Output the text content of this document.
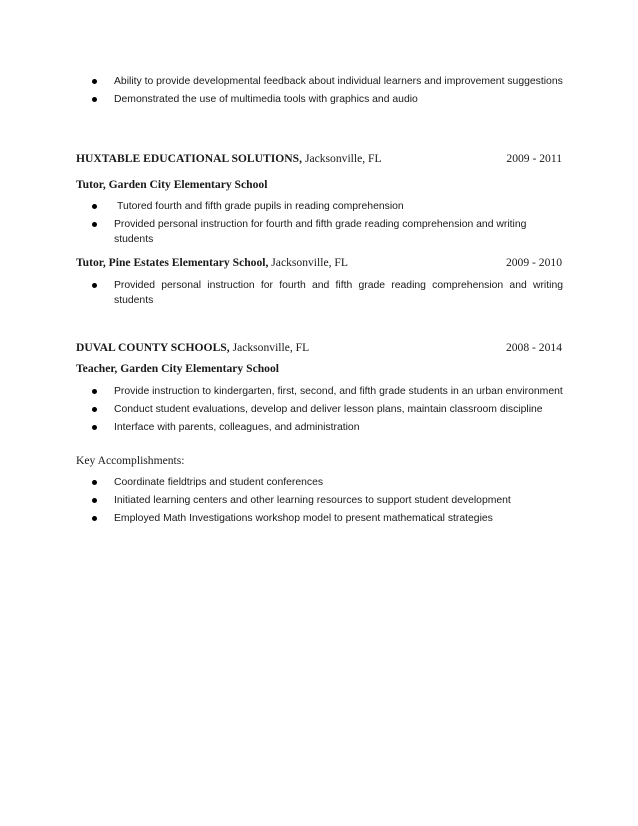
Ability to provide developmental feedback about individual learners and improvement suggestions
Demonstrated the use of multimedia tools with graphics and audio
HUXTABLE EDUCATIONAL SOLUTIONS, Jacksonville, FL	2009 - 2011
Tutor, Garden City Elementary School
Tutored fourth and fifth grade pupils in reading comprehension
Provided personal instruction for fourth and fifth grade reading comprehension and writing students
Tutor, Pine Estates Elementary School, Jacksonville, FL	2009 - 2010
Provided personal instruction for fourth and fifth grade reading comprehension and writing students
DUVAL COUNTY SCHOOLS, Jacksonville, FL	2008 - 2014
Teacher, Garden City Elementary School
Provide instruction to kindergarten, first, second, and fifth grade students in an urban environment
Conduct student evaluations, develop and deliver lesson plans, maintain classroom discipline
Interface with parents, colleagues, and administration
Key Accomplishments:
Coordinate fieldtrips and student conferences
Initiated learning centers and other learning resources to support student development
Employed Math Investigations workshop model to present mathematical strategies
